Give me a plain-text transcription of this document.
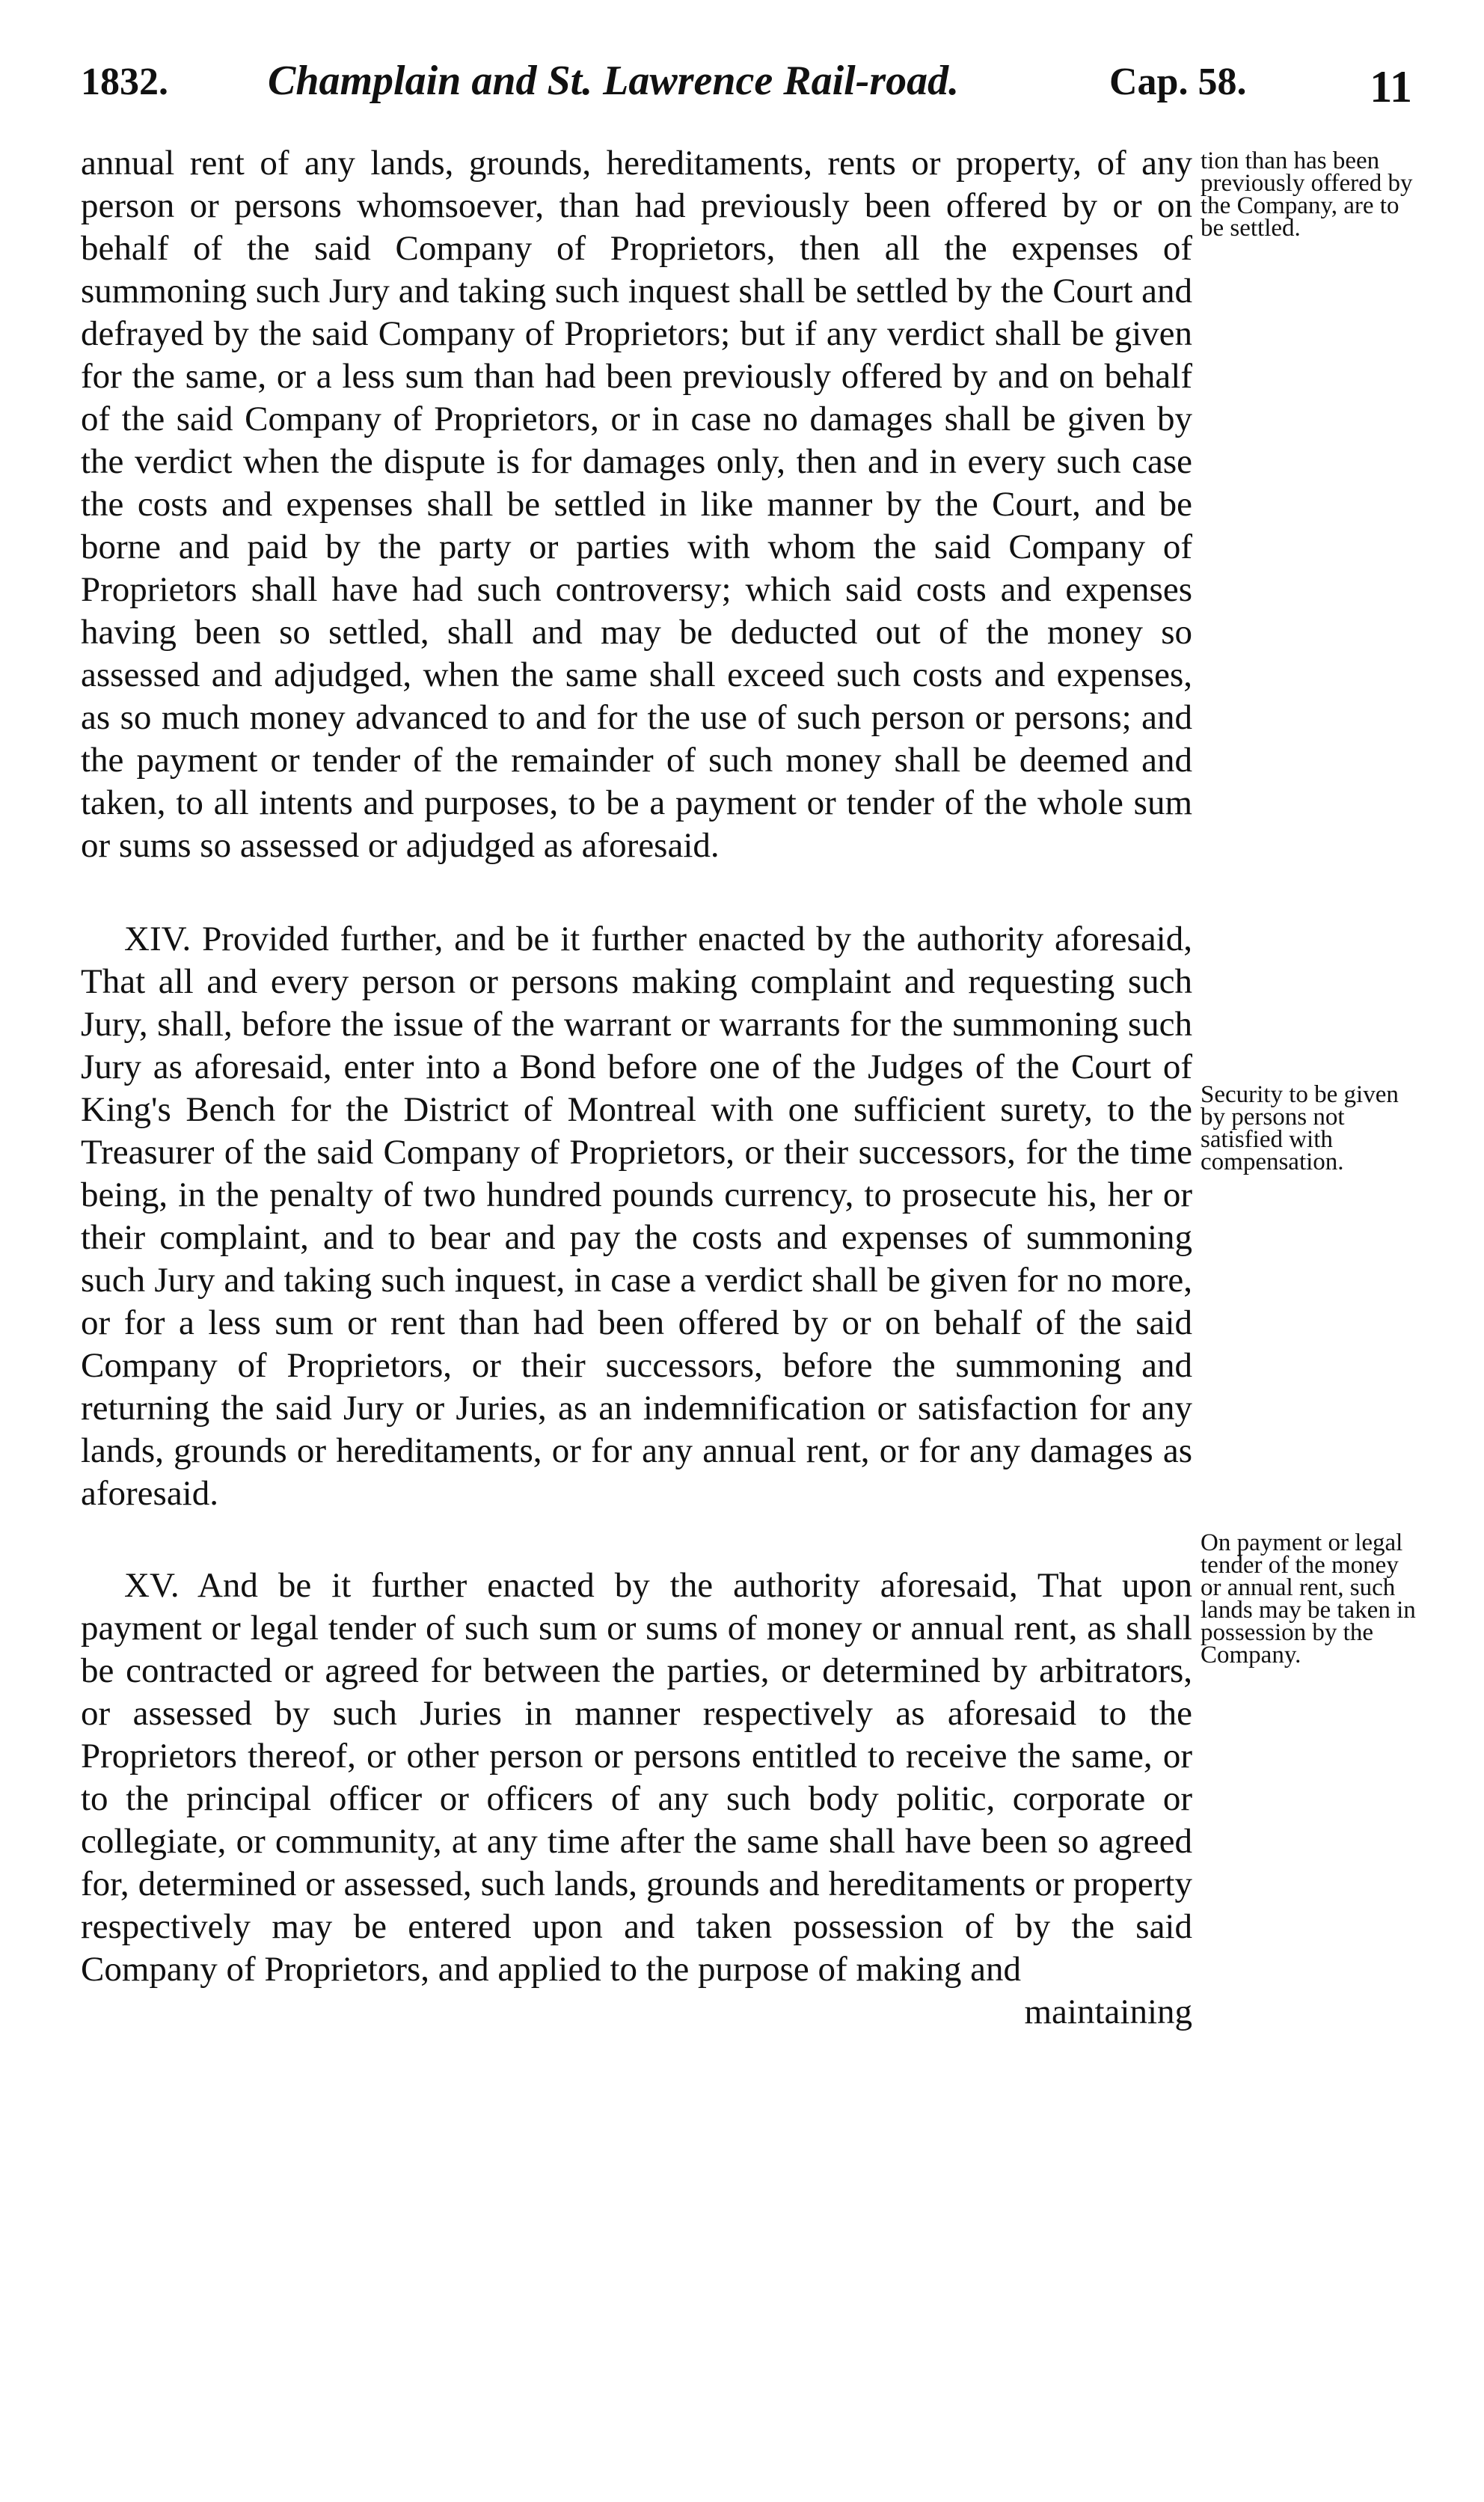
1832. Champlain and St. Lawrence Rail-road.	Cap. 58.	11

annual rent of any lands, grounds, hereditaments, rents or property, of any person or persons whomsoever, than had previously been offered by or on behalf of the said Company of Proprietors, then all the expenses of summoning such Jury and taking such inquest shall be settled by the Court and defrayed by the said Company of Proprietors; but if any verdict shall be given for the same, or a less sum than had been previously offered by and on behalf of the said Company of Proprietors, or in case no damages shall be given by the verdict when the dispute is for damages only, then and in every such case the costs and expenses shall be settled in like manner by the Court, and be borne and paid by the party or parties with whom the said Company of Proprietors shall have had such controversy; which said costs and expenses having been so settled, shall and may be deducted out of the money so assessed and adjudged, when the same shall exceed such costs and expenses, as so much money advanced to and for the use of such person or persons; and the payment or tender of the remainder of such money shall be deemed and taken, to all intents and purposes, to be a payment or tender of the whole sum or sums so assessed or adjudged as aforesaid.

XIV. Provided further, and be it further enacted by the authority aforesaid, That all and every person or persons making complaint and requesting such Jury, shall, before the issue of the warrant or warrants for the summoning such Jury as aforesaid, enter into a Bond before one of the Judges of the Court of King's Bench for the District of Montreal with one sufficient surety, to the Treasurer of the said Company of Proprietors, or their successors, for the time being, in the penalty of two hundred pounds currency, to prosecute his, her or their complaint, and to bear and pay the costs and expenses of summoning such Jury and taking such inquest, in case a verdict shall be given for no more, or for a less sum or rent than had been offered by or on behalf of the said Company of Proprietors, or their successors, before the summoning and returning the said Jury or Juries, as an indemnification or satisfaction for any lands, grounds or hereditaments, or for any annual rent, or for any damages as aforesaid.

XV. And be it further enacted by the authority aforesaid, That upon payment or legal tender of such sum or sums of money or annual rent, as shall be contracted or agreed for between the parties, or determined by arbitrators, or assessed by such Juries in manner respectively as aforesaid to the Proprietors thereof, or other person or persons entitled to receive the same, or to the principal officer or officers of any such body politic, corporate or collegiate, or community, at any time after the same shall have been so agreed for, determined or assessed, such lands, grounds and hereditaments or property respectively may be entered upon and taken possession of by the said Company of Proprietors, and applied to the purpose of making and

maintaining
tion than has been previously offered by the Company, are to be settled.
Security to be given by persons not satisfied with compensation.
On payment or legal tender of the money or annual rent, such lands may be taken in possession by the Company.
